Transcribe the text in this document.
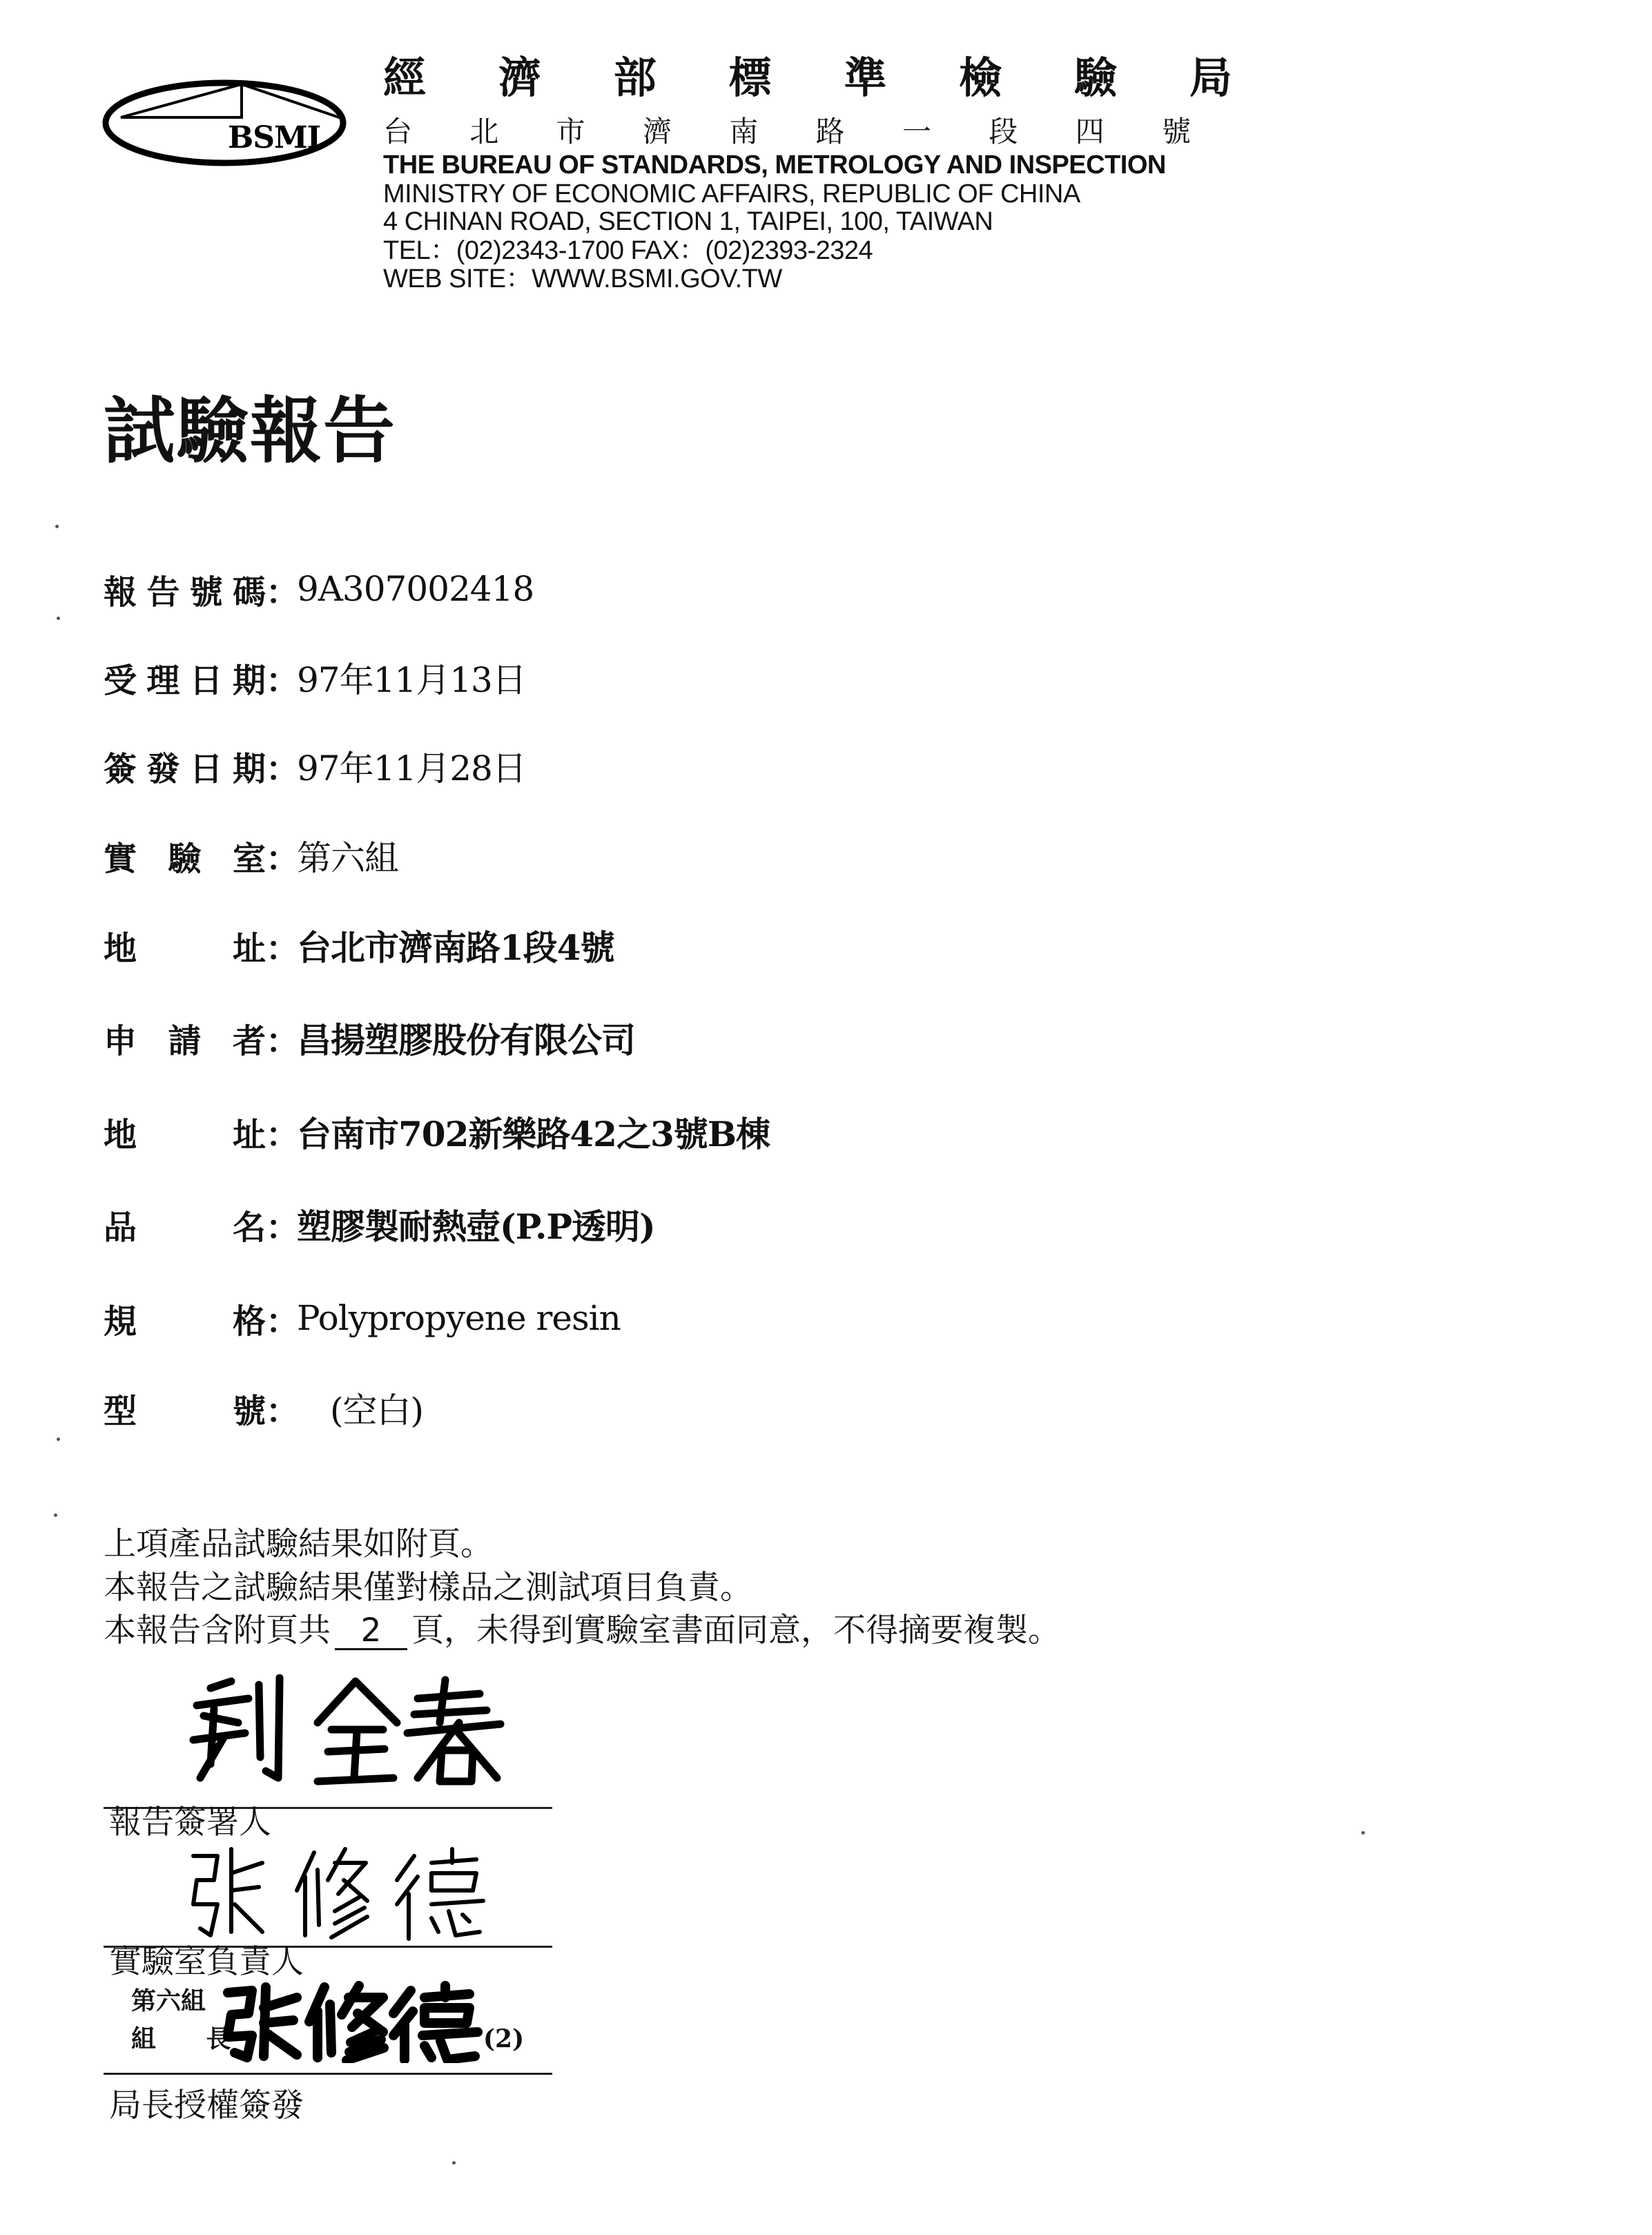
BSMI
經 濟 部 標 準 檢 驗 局
台 北 市 濟 南 路 一 段 四 號
THE BUREAU OF STANDARDS, METROLOGY AND INSPECTION
MINISTRY OF ECONOMIC AFFAIRS, REPUBLIC OF CHINA
4 CHINAN ROAD, SECTION 1, TAIPEI, 100, TAIWAN
TEL：(02)2343-1700 FAX：(02)2393-2324
WEB SITE：WWW.BSMI.GOV.TW
試驗報告
報 告 號 碼 ：
9A307002418
受 理 日 期 ：
97年11月13日
簽 發 日 期 ：
97年11月28日
實 驗 室 ：
第六組
地	址 ：
台北市濟南路1段4號
申 請 者 ：
昌揚塑膠股份有限公司
地	址 ：
台南市702新樂路42之3號B棟
品	名 ：
塑膠製耐熱壺(P.P透明)
規	格 ：
Polypropyene resin
型	號 ： (空白)
上項產品試驗結果如附頁。
本報告之試驗結果僅對樣品之測試項目負責。
本報告含附頁共 2 頁，未得到實驗室書面同意，不得摘要複製。
報告簽署人
實驗室負責人
第六組
組 長	(2)
局長授權簽發
